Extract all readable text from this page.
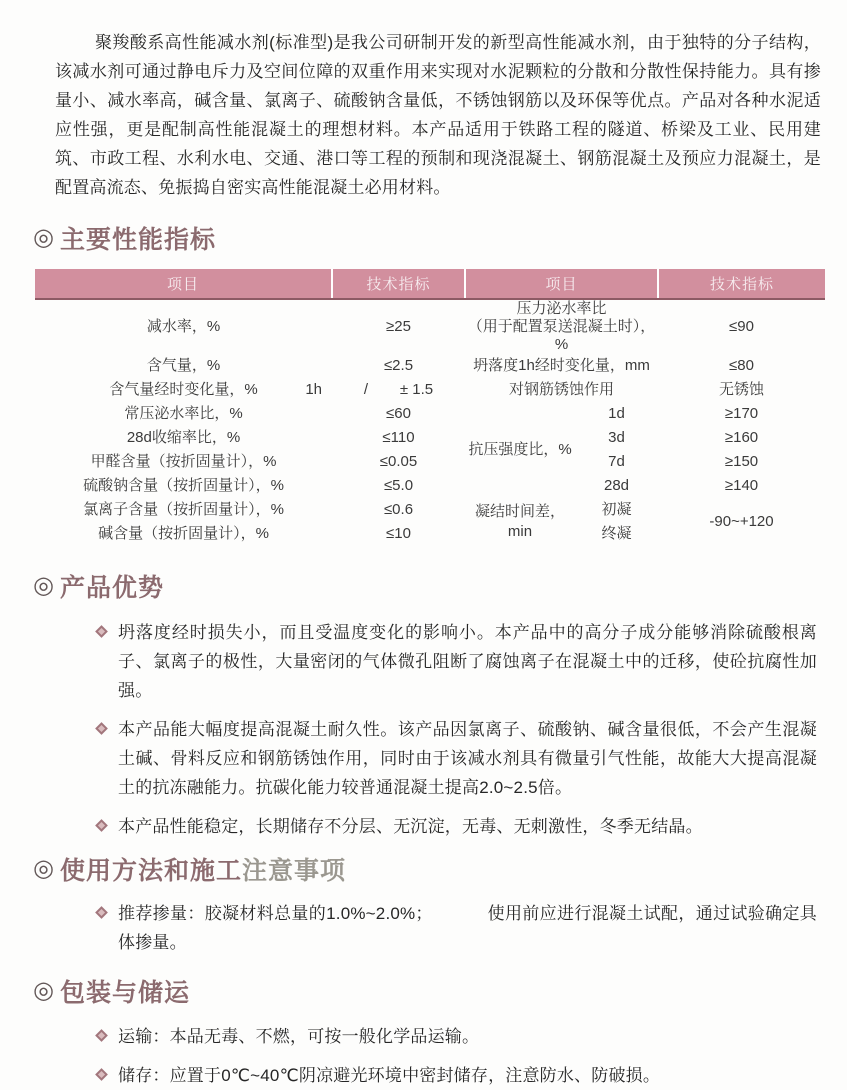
聚羧酸系高性能减水剂(标准型)是我公司研制开发的新型高性能减水剂，由于独特的分子结构，该减水剂可通过静电斥力及空间位障的双重作用来实现对水泥颗粒的分散和分散性保持能力。具有掺量小、减水率高，碱含量、氯离子、硫酸钠含量低，不锈蚀钢筋以及环保等优点。产品对各种水泥适应性强，更是配制高性能混凝土的理想材料。本产品适用于铁路工程的隧道、桥梁及工业、民用建筑、市政工程、水利水电、交通、港口等工程的预制和现浇混凝土、钢筋混凝土及预应力混凝土，是配置高流态、免振捣自密实高性能混凝土必用材料。

◎ 主要性能指标
项目	技术指标	项目		技术指标
减水率，%	≥25	压力泌水率比
（用于配置泵送混凝土时），%		≤90
含气量，%	≤2.5	坍落度1h经时变化量，mm		≤80
含气量经时变化量，% 1h	/ ± 1.5	对钢筋锈蚀作用		无锈蚀
常压泌水率比，%	≤60	抗压强度比，%	1d	≥170
28d收缩率比，%	≤110		3d	≥160
甲醛含量（按折固量计），%	≤0.05		7d	≥150
硫酸钠含量（按折固量计），%	≤5.0		28d	≥140
氯离子含量（按折固量计），%	≤0.6	凝结时间差，min	初凝	-90~+120
碱含量（按折固量计），%	≤10		终凝	
◎ 产品优势
坍落度经时损失小，而且受温度变化的影响小。本产品中的高分子成分能够消除硫酸根离子、氯离子的极性，大量密闭的气体微孔阻断了腐蚀离子在混凝土中的迁移，使砼抗腐性加强。
本产品能大幅度提高混凝土耐久性。该产品因氯离子、硫酸钠、碱含量很低，不会产生混凝土碱、骨料反应和钢筋锈蚀作用，同时由于该减水剂具有微量引气性能，故能大大提高混凝土的抗冻融能力。抗碳化能力较普通混凝土提高2.0~2.5倍。
本产品性能稳定，长期储存不分层、无沉淀，无毒、无刺激性，冬季无结晶。
◎ 使用方法和施工 注意事项
推荐掺量：胶凝材料总量的1.0%~2.0%；	使用前应进行混凝土试配，通过试验确定具体掺量。
◎ 包装与储运
运输：本品无毒、不燃，可按一般化学品运输。
储存：应置于0℃~40℃阴凉避光环境中密封储存，注意防水、防破损。
